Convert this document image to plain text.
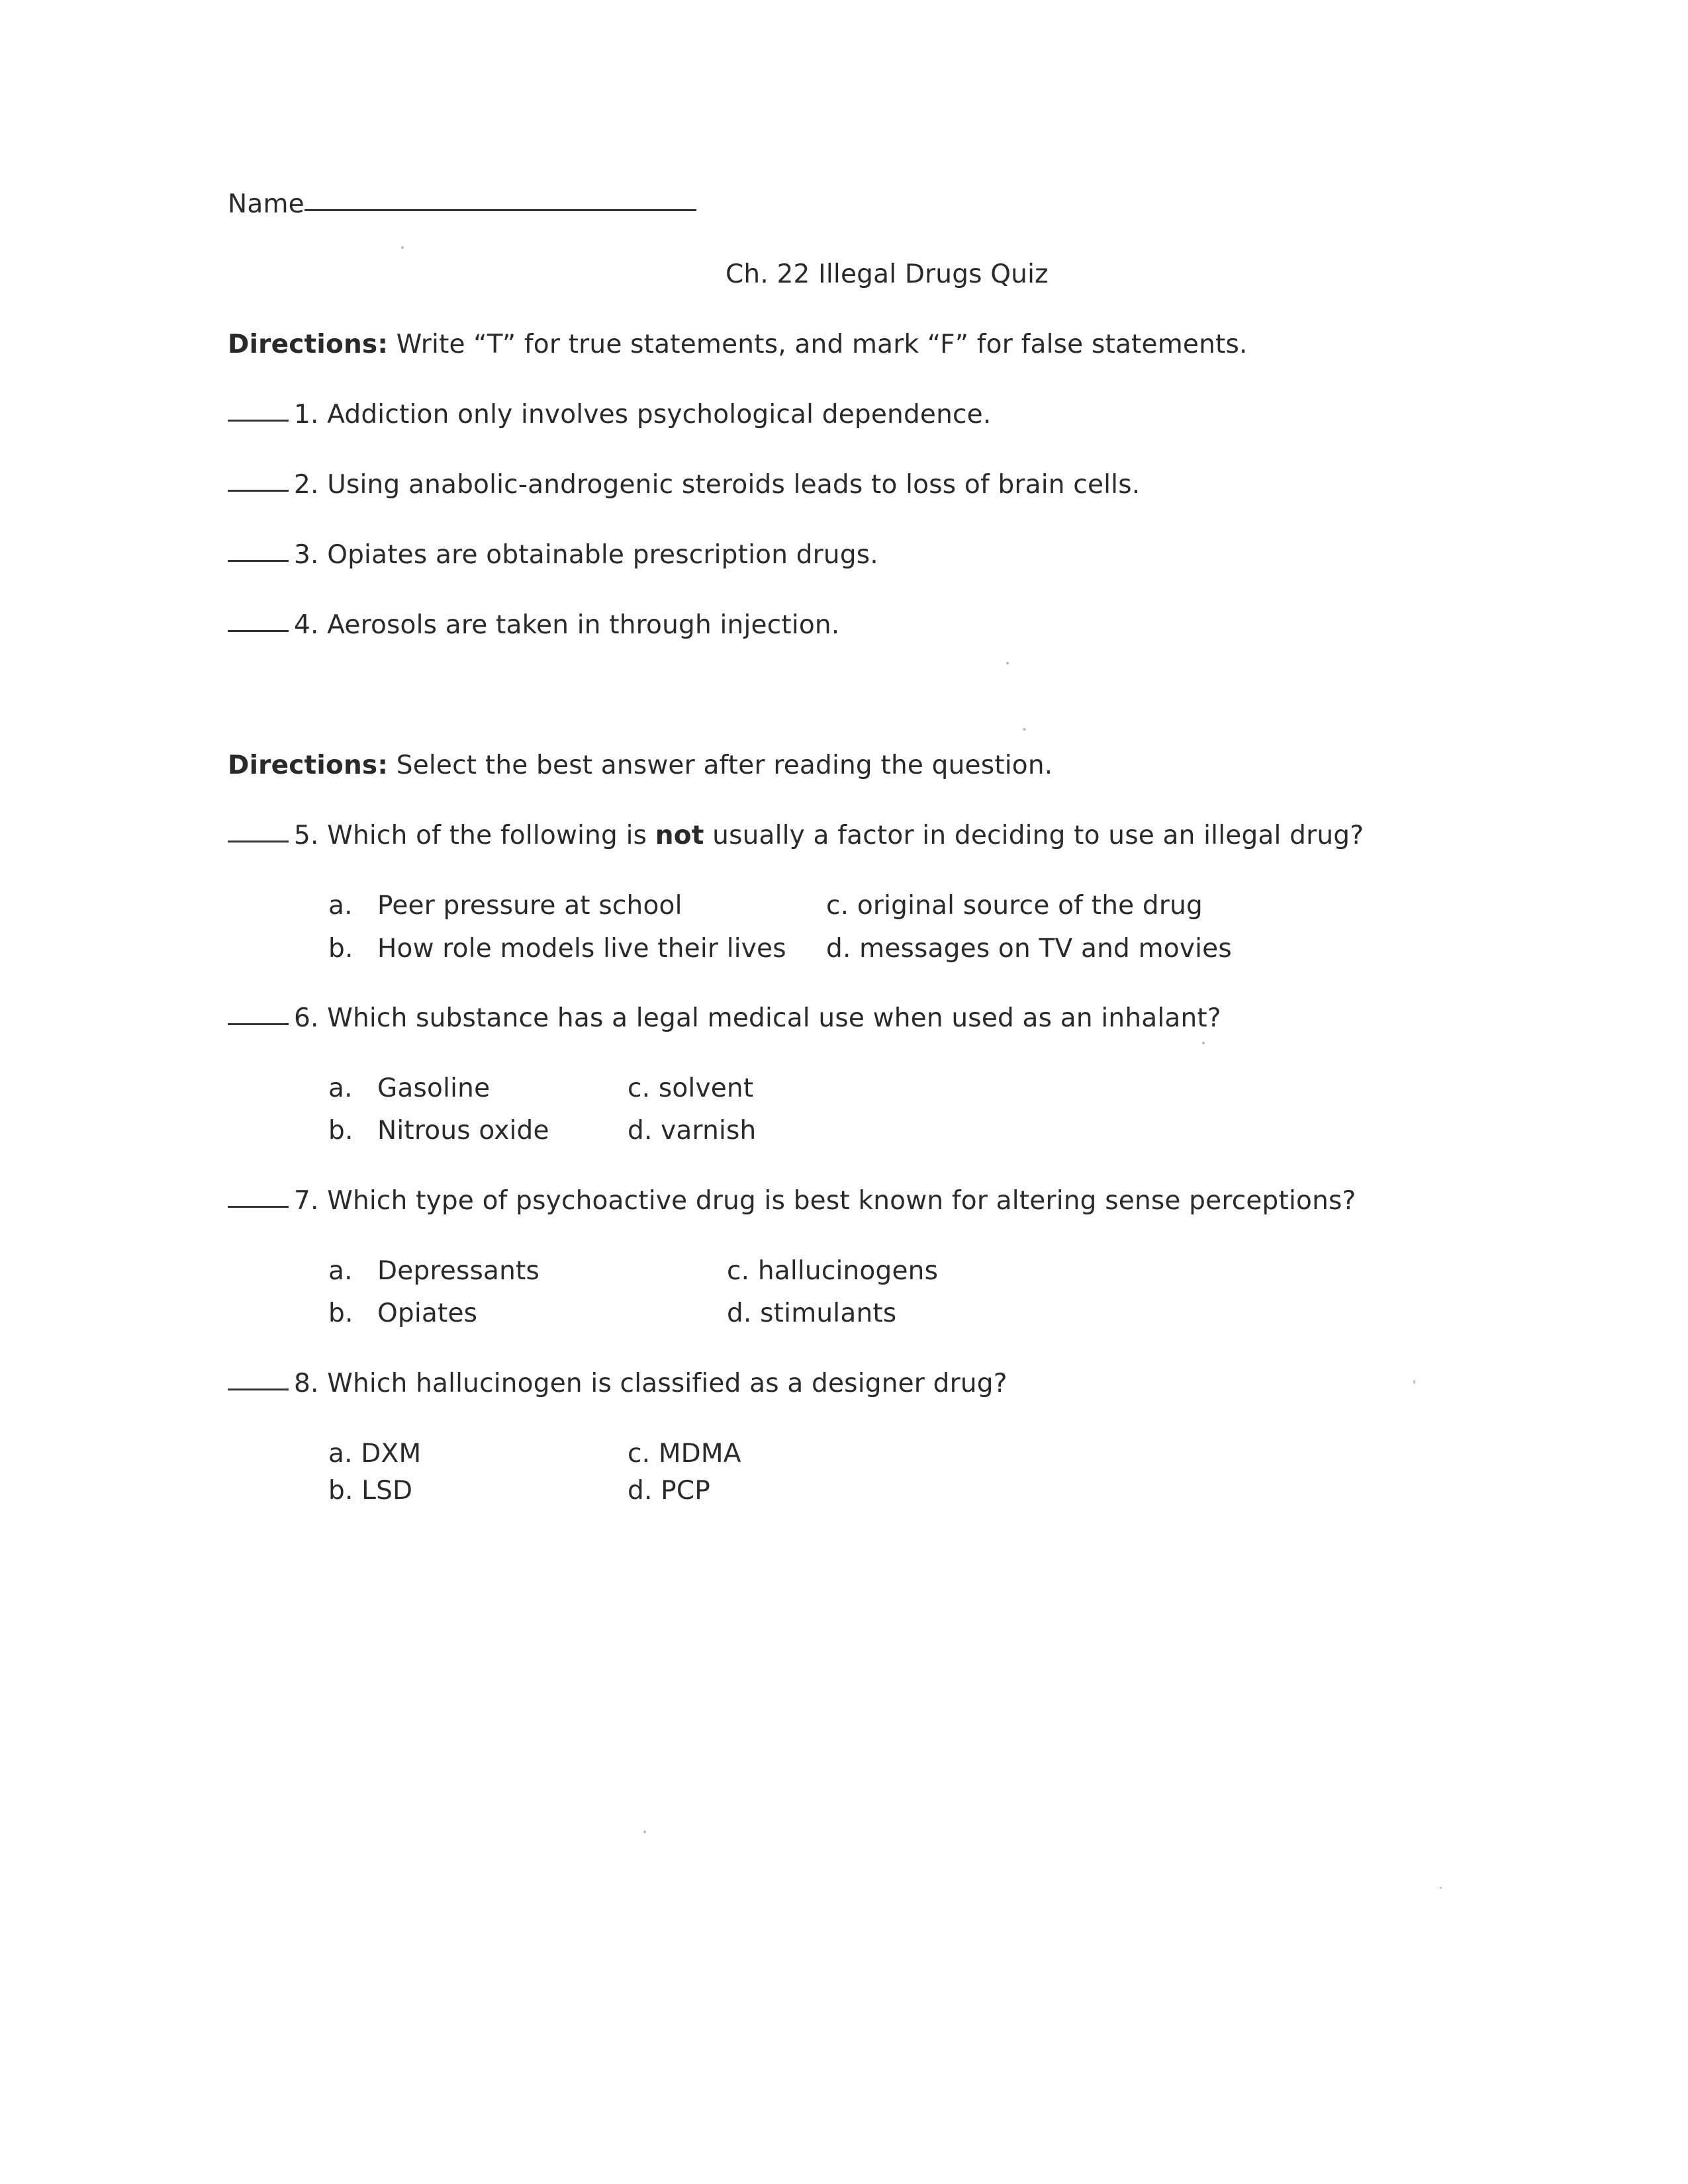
Name
Ch. 22 Illegal Drugs Quiz
Directions: Write “T” for true statements, and mark “F” for false statements.
1. Addiction only involves psychological dependence.
2. Using anabolic-androgenic steroids leads to loss of brain cells.
3. Opiates are obtainable prescription drugs.
4. Aerosols are taken in through injection.
Directions: Select the best answer after reading the question.
5. Which of the following is not usually a factor in deciding to use an illegal drug?
a. Peer pressure at school
b. How role models live their lives
c. original source of the drug
d. messages on TV and movies
6. Which substance has a legal medical use when used as an inhalant?
a. Gasoline
b. Nitrous oxide
c. solvent
d. varnish
7. Which type of psychoactive drug is best known for altering sense perceptions?
a. Depressants
b. Opiates
c. hallucinogens
d. stimulants
8. Which hallucinogen is classified as a designer drug?
a. DXM
b. LSD
c. MDMA
d. PCP
